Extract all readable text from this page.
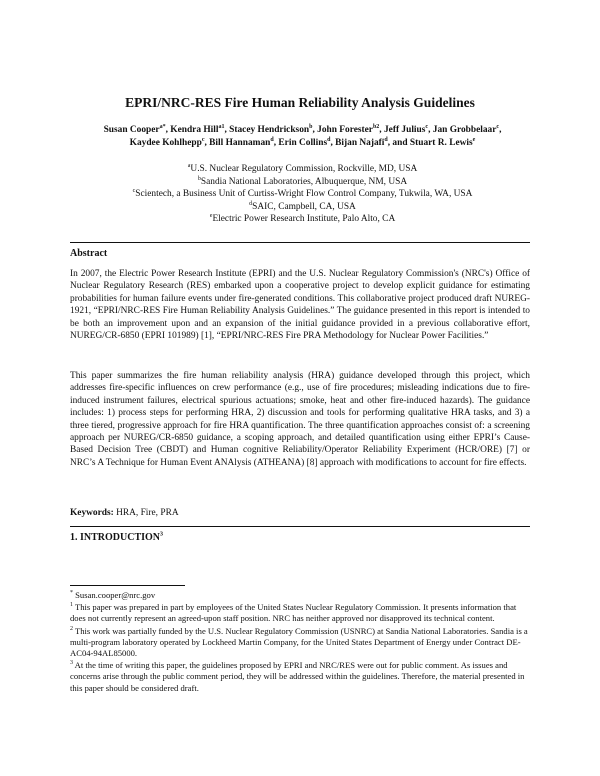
EPRI/NRC-RES Fire Human Reliability Analysis Guidelines
Susan Cooper$^{a*}$, Kendra Hill$^{a1}$, Stacey Hendrickson$^b$, John Forester$^{b2}$, Jeff Julius$^c$, Jan Grobbelaar$^c$, Kaydee Kohlhepp$^c$, Bill Hannaman$^d$, Erin Collins$^d$, Bijan Najafi$^d$, and Stuart R. Lewis$^e$
$^a$U.S. Nuclear Regulatory Commission, Rockville, MD, USA
$^b$Sandia National Laboratories, Albuquerque, NM, USA
$^c$Scientech, a Business Unit of Curtiss-Wright Flow Control Company, Tukwila, WA, USA
$^d$SAIC, Campbell, CA, USA
$^e$Electric Power Research Institute, Palo Alto, CA
Abstract

In 2007, the Electric Power Research Institute (EPRI) and the U.S. Nuclear Regulatory Commission's (NRC's) Office of Nuclear Regulatory Research (RES) embarked upon a cooperative project to develop explicit guidance for estimating probabilities for human failure events under fire-generated conditions. This collaborative project produced draft NUREG-1921, “EPRI/NRC-RES Fire Human Reliability Analysis Guidelines.” The guidance presented in this report is intended to be both an improvement upon and an expansion of the initial guidance provided in a previous collaborative effort, NUREG/CR-6850 (EPRI 101989) [1], “EPRI/NRC-RES Fire PRA Methodology for Nuclear Power Facilities.”

This paper summarizes the fire human reliability analysis (HRA) guidance developed through this project, which addresses fire-specific influences on crew performance (e.g., use of fire procedures; misleading indications due to fire-induced instrument failures, electrical spurious actuations; smoke, heat and other fire-induced hazards). The guidance includes: 1) process steps for performing HRA, 2) discussion and tools for performing qualitative HRA tasks, and 3) a three tiered, progressive approach for fire HRA quantification. The three quantification approaches consist of: a screening approach per NUREG/CR-6850 guidance, a scoping approach, and detailed quantification using either EPRI’s Cause-Based Decision Tree (CBDT) and Human cognitive Reliability/Operator Reliability Experiment (HCR/ORE) [7] or NRC’s A Technique for Human Event ANAlysis (ATHEANA) [8] approach with modifications to account for fire effects.

Keywords: HRA, Fire, PRA
1. INTRODUCTION$^3$
* Susan.cooper@nrc.gov
$^1$ This paper was prepared in part by employees of the United States Nuclear Regulatory Commission. It presents information that does not currently represent an agreed-upon staff position. NRC has neither approved nor disapproved its technical content.
$^2$ This work was partially funded by the U.S. Nuclear Regulatory Commission (USNRC) at Sandia National Laboratories. Sandia is a multi-program laboratory operated by Lockheed Martin Company, for the United States Department of Energy under Contract DE-AC04-94AL85000.
$^3$ At the time of writing this paper, the guidelines proposed by EPRI and NRC/RES were out for public comment. As issues and concerns arise through the public comment period, they will be addressed within the guidelines. Therefore, the material presented in this paper should be considered draft.
